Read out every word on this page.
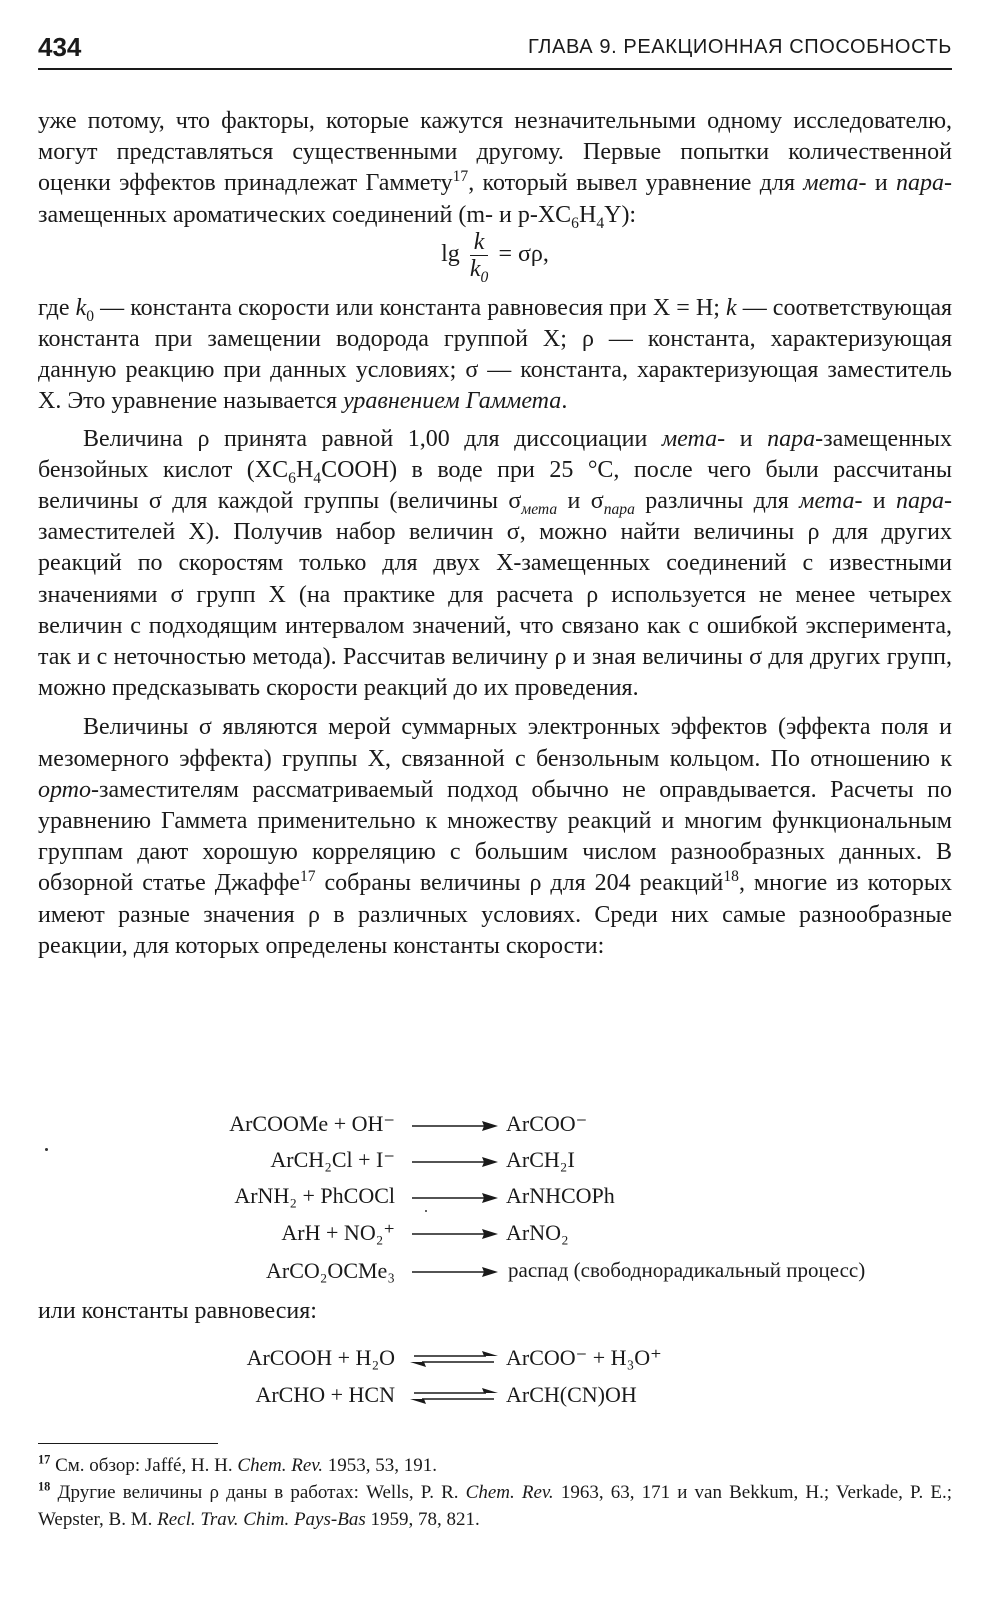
434	ГЛАВА 9. РЕАКЦИОННАЯ СПОСОБНОСТЬ

уже потому, что факторы, которые кажутся незначительными одному исследователю, могут представляться существенными другому. Первые попытки количественной оценки эффектов принадлежат Гаммету$^{17}$, который вывел уравнение для мета- и пара-замещенных ароматических соединений (m- и $p-XC_6H_4Y$):

$\lg \frac{k}{k_0} = \sigma\rho$,

где $k_0$ — константа скорости или константа равновесия при X = H; k — соответствующая константа при замещении водорода группой X; ρ — константа, характеризующая данную реакцию при данных условиях; σ — константа, характеризующая заместитель X. Это уравнение называется уравнением Гаммета.

Величина ρ принята равной 1,00 для диссоциации мета- и пара-замещенных бензойных кислот $(XC_6H_4COOH)$ в воде при 25 °C, после чего были рассчитаны величины σ для каждой группы (величины $\sigma_{мета}$ и $\sigma_{пара}$ различны для мета- и пара-заместителей X). Получив набор величин σ, можно найти величины ρ для других реакций по скоростям только для двух X-замещенных соединений с известными значениями σ групп X (на практике для расчета ρ используется не менее четырех величин с подходящим интервалом значений, что связано как с ошибкой эксперимента, так и с неточностью метода). Рассчитав величину ρ и зная величины σ для других групп, можно предсказывать скорости реакций до их проведения.

Величины σ являются мерой суммарных электронных эффектов (эффекта поля и мезомерного эффекта) группы X, связанной с бензольным кольцом. По отношению к орто-заместителям рассматриваемый подход обычно не оправдывается. Расчеты по уравнению Гаммета применительно к множеству реакций и многим функциональным группам дают хорошую корреляцию с большим числом разнообразных данных. В обзорной статье Джаффе$^{17}$ собраны величины ρ для 204 реакций$^{18}$, многие из которых имеют разные значения ρ в различных условиях. Среди них самые разнообразные реакции, для которых определены константы скорости:

ArCOOMe + OH⁻
ArCH₂Cl + I⁻
ArNH₂ + PhCOCl
ArH + NO₂⁺
ArCO₂OCMe₃
ArCOO⁻
ArCH₂I
ArNHCOPh
ArNO₂
распад (свободнорадикальный процесс)
или константы равновесия:
ArCOOH + H₂O
ArCHO + HCN
ArCOO⁻ + H₃O⁺
ArCH(CN)OH
$^{17}$ См. обзор: Jaffé, H. H. Chem. Rev. 1953, 53, 191.
$^{18}$ Другие величины ρ даны в работах: Wells, P. R. Chem. Rev. 1963, 63, 171 и van Bekkum, H.; Verkade, P. E.; Wepster, B. M. Recl. Trav. Chim. Pays-Bas 1959, 78, 821.
